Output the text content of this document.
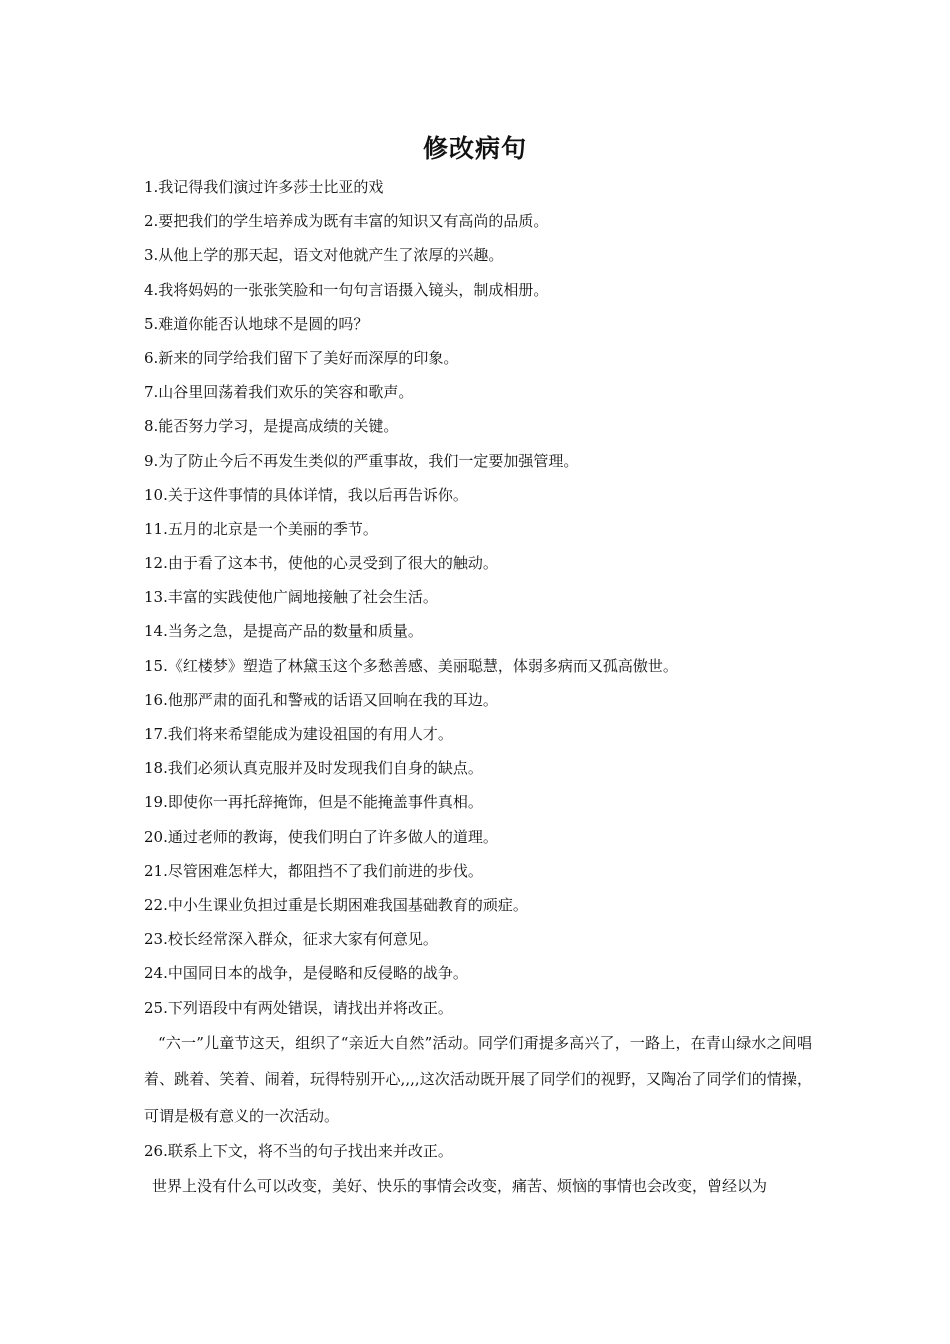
修改病句
1.我记得我们演过许多莎士比亚的戏
2.要把我们的学生培养成为既有丰富的知识又有高尚的品质。
3.从他上学的那天起，语文对他就产生了浓厚的兴趣。
4.我将妈妈的一张张笑脸和一句句言语摄入镜头，制成相册。
5.难道你能否认地球不是圆的吗？
6.新来的同学给我们留下了美好而深厚的印象。
7.山谷里回荡着我们欢乐的笑容和歌声。
8.能否努力学习，是提高成绩的关键。
9.为了防止今后不再发生类似的严重事故，我们一定要加强管理。
10.关于这件事情的具体详情，我以后再告诉你。
11.五月的北京是一个美丽的季节。
12.由于看了这本书，使他的心灵受到了很大的触动。
13.丰富的实践使他广阔地接触了社会生活。
14.当务之急，是提高产品的数量和质量。
15.《红楼梦》塑造了林黛玉这个多愁善感、美丽聪慧，体弱多病而又孤高傲世。
16.他那严肃的面孔和警戒的话语又回响在我的耳边。
17.我们将来希望能成为建设祖国的有用人才。
18.我们必须认真克服并及时发现我们自身的缺点。
19.即使你一再托辞掩饰，但是不能掩盖事件真相。
20.通过老师的教诲，使我们明白了许多做人的道理。
21.尽管困难怎样大，都阻挡不了我们前进的步伐。
22.中小生课业负担过重是长期困难我国基础教育的顽症。
23.校长经常深入群众，征求大家有何意见。
24.中国同日本的战争，是侵略和反侵略的战争。
25.下列语段中有两处错误，请找出并将改正。
“六一”儿童节这天，组织了“亲近大自然”活动。同学们甭提多高兴了，一路上，在青山绿水之间唱着、跳着、笑着、闹着，玩得特别开心,,,,这次活动既开展了同学们的视野，又陶冶了同学们的情操，可谓是极有意义的一次活动。
26.联系上下文，将不当的句子找出来并改正。
世界上没有什么可以改变，美好、快乐的事情会改变，痛苦、烦恼的事情也会改变，曾经以为
